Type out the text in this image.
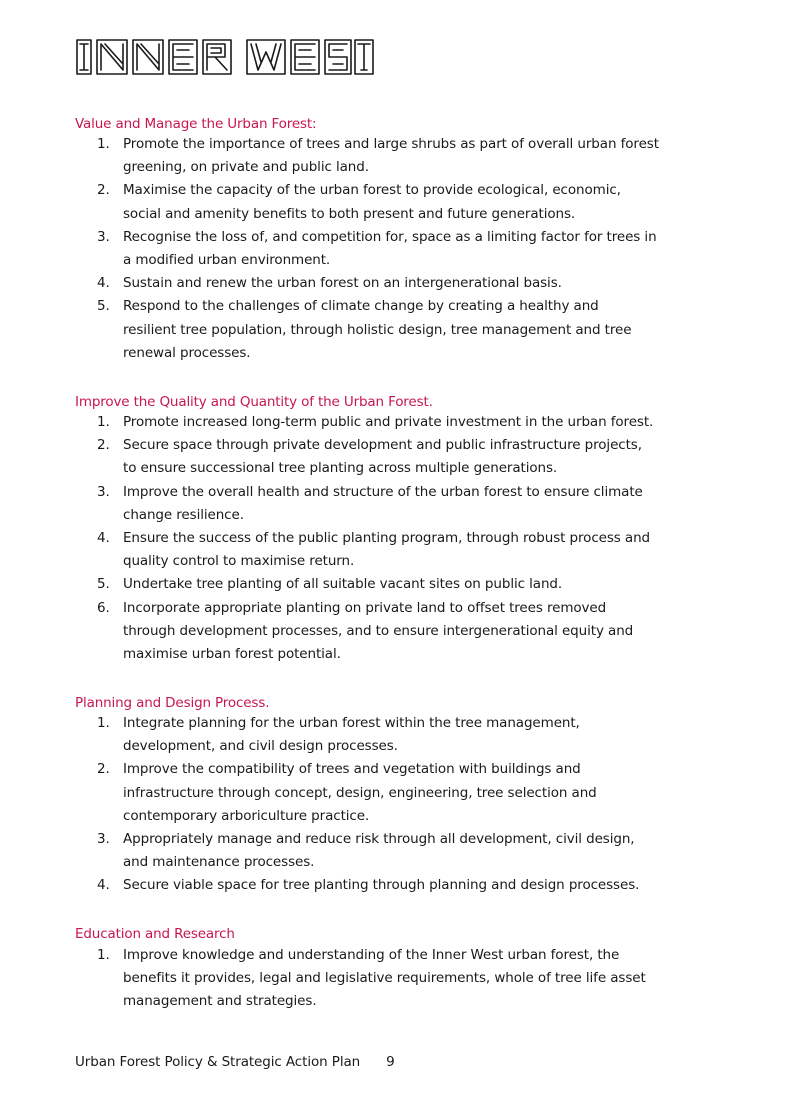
Value and Manage the Urban Forest:
1. Promote the importance of trees and large shrubs as part of overall urban forest
greening, on private and public land.
2. Maximise the capacity of the urban forest to provide ecological, economic,
social and amenity benefits to both present and future generations.
3. Recognise the loss of, and competition for, space as a limiting factor for trees in
a modified urban environment.
4. Sustain and renew the urban forest on an intergenerational basis.
5. Respond to the challenges of climate change by creating a healthy and
resilient tree population, through holistic design, tree management and tree
renewal processes.
Improve the Quality and Quantity of the Urban Forest.
1. Promote increased long-term public and private investment in the urban forest.
2. Secure space through private development and public infrastructure projects,
to ensure successional tree planting across multiple generations.
3. Improve the overall health and structure of the urban forest to ensure climate
change resilience.
4. Ensure the success of the public planting program, through robust process and
quality control to maximise return.
5. Undertake tree planting of all suitable vacant sites on public land.
6. Incorporate appropriate planting on private land to offset trees removed
through development processes, and to ensure intergenerational equity and
maximise urban forest potential.
Planning and Design Process.
1. Integrate planning for the urban forest within the tree management,
development, and civil design processes.
2. Improve the compatibility of trees and vegetation with buildings and
infrastructure through concept, design, engineering, tree selection and
contemporary arboriculture practice.
3. Appropriately manage and reduce risk through all development, civil design,
and maintenance processes.
4. Secure viable space for tree planting through planning and design processes.
Education and Research
1. Improve knowledge and understanding of the Inner West urban forest, the
benefits it provides, legal and legislative requirements, whole of tree life asset
management and strategies.
Urban Forest Policy & Strategic Action Plan 9
